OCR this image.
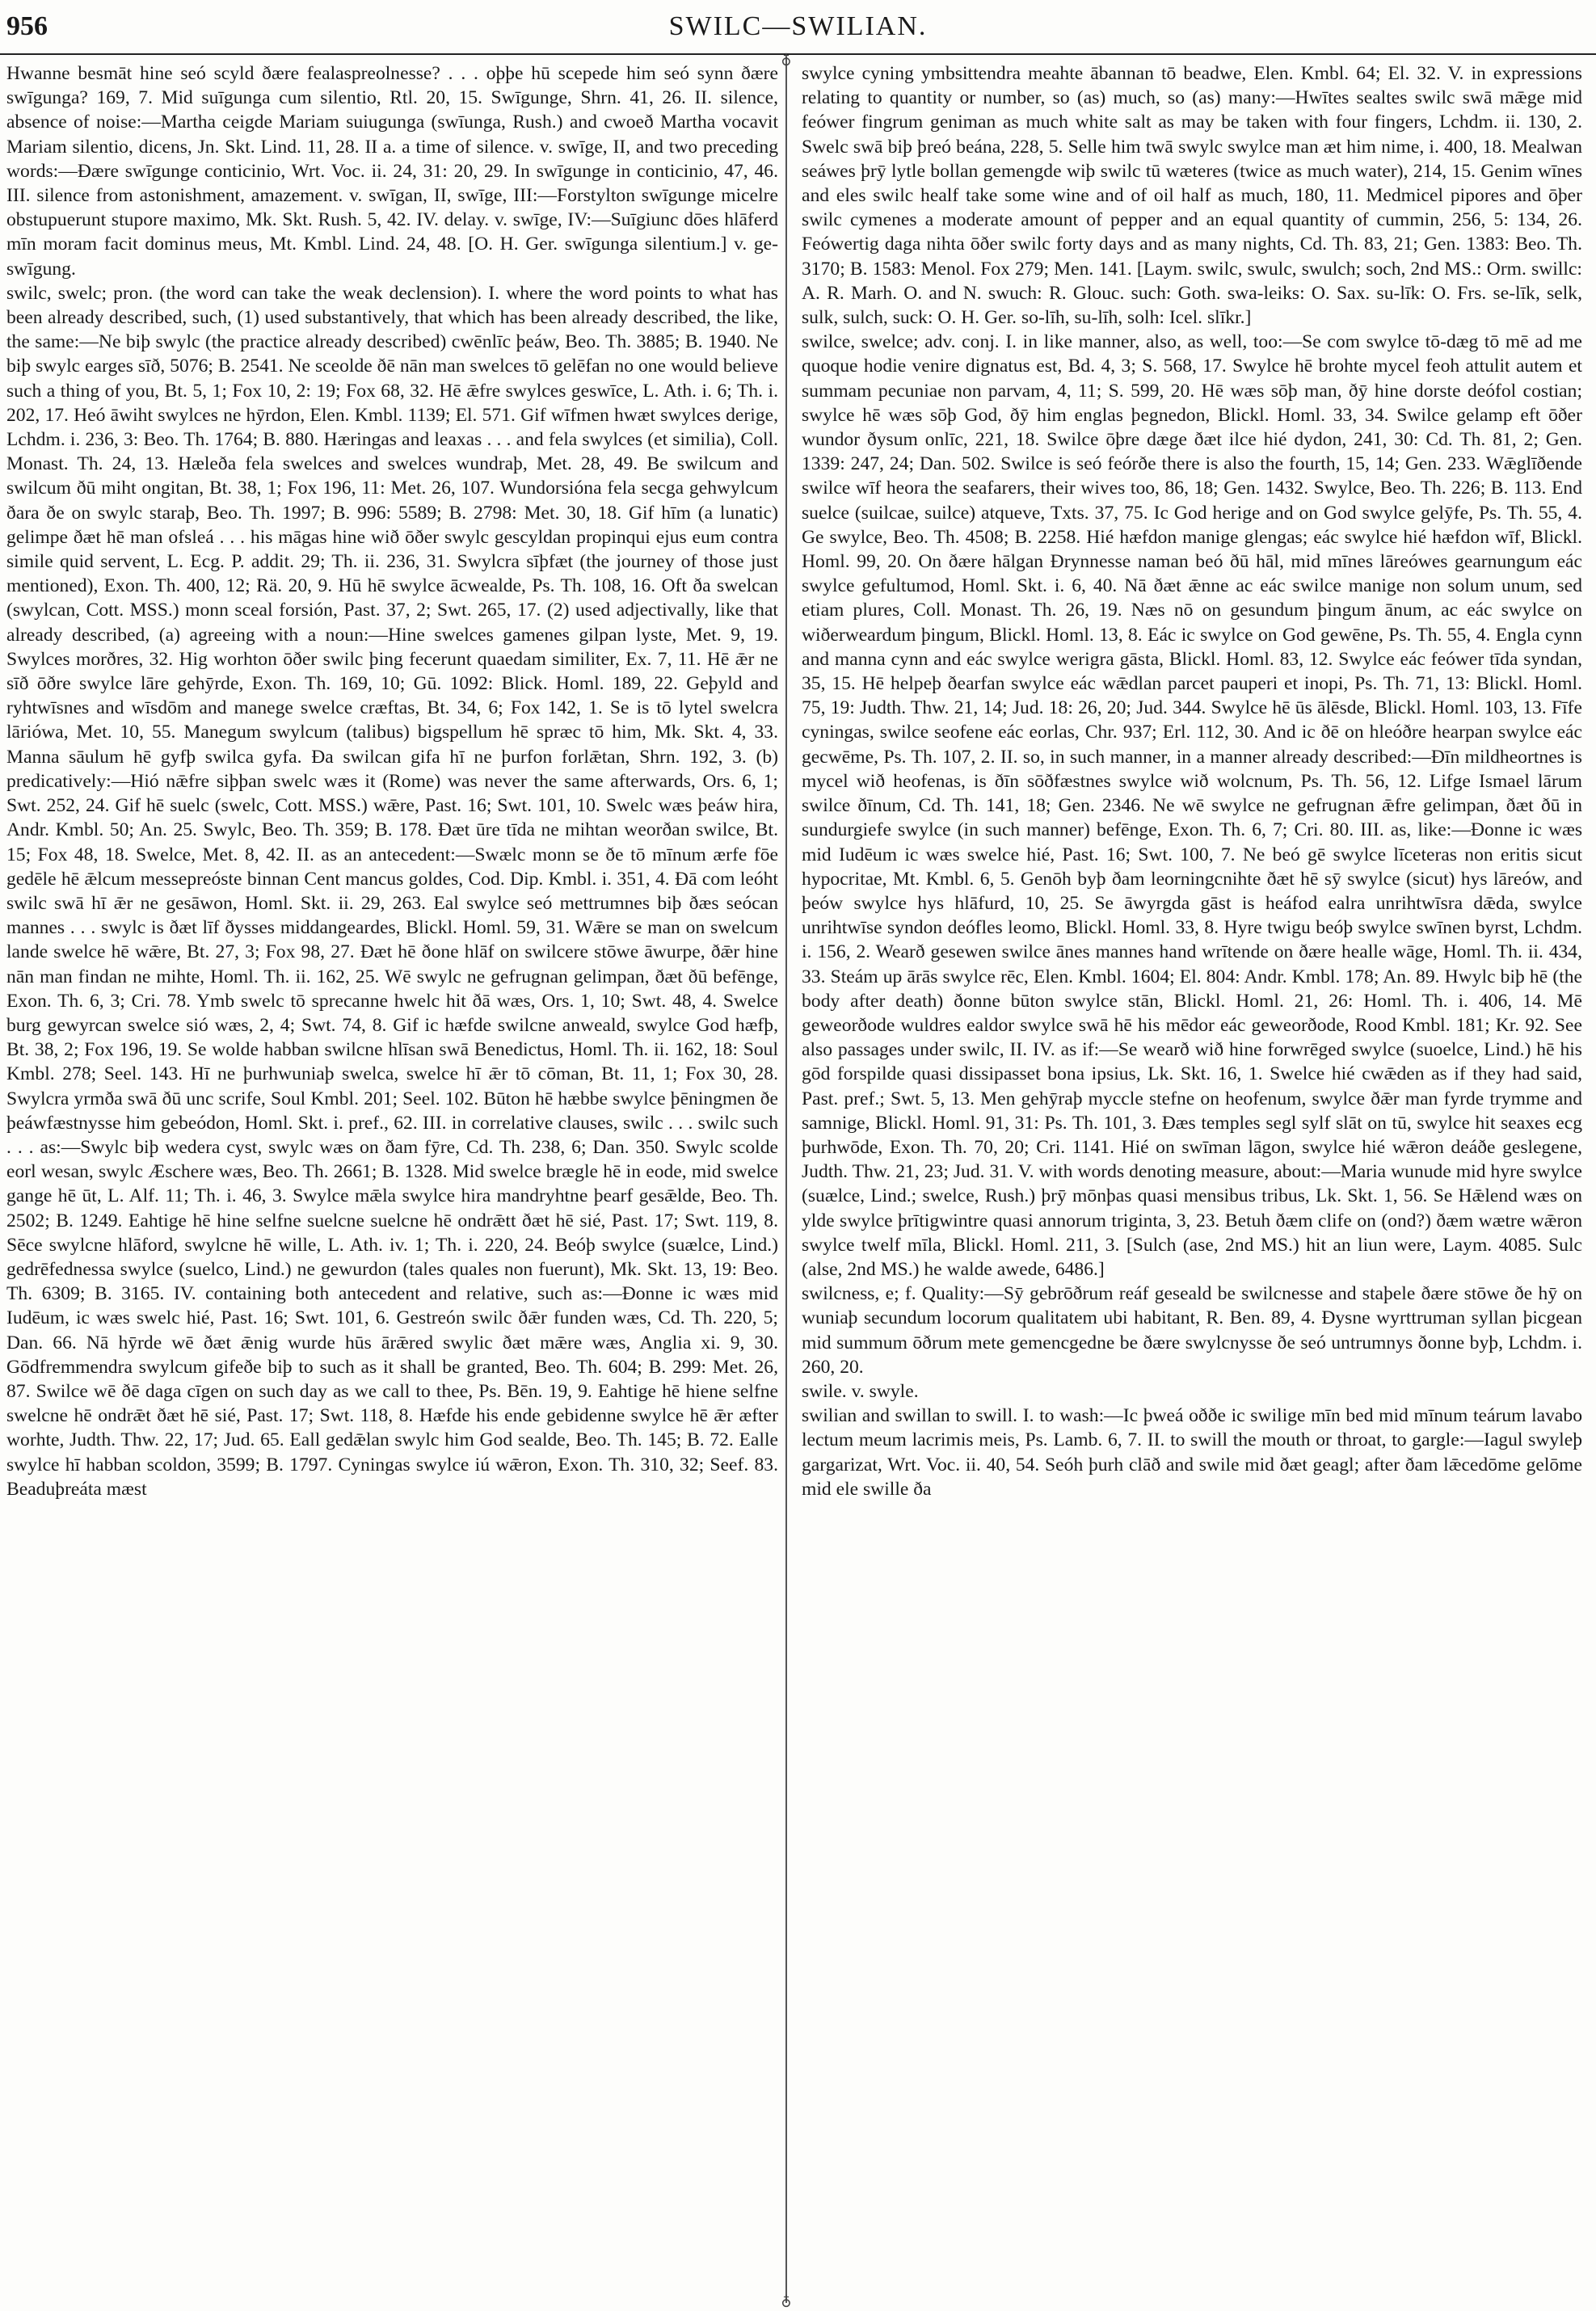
956	SWILC—SWILIAN.

Hwanne besmāt hine seó scyld ðære fealaspreolnesse? . . . oþþe hū scepede him seó synn ðære swīgunga? 169, 7. Mid suīgunga cum silentio, Rtl. 20, 15. Swīgunge, Shrn. 41, 26. II. silence, absence of noise:—Martha ceigde Mariam suiugunga (swīunga, Rush.) and cwoeð Martha vocavit Mariam silentio, dicens, Jn. Skt. Lind. 11, 28. II a. a time of silence. v. swīge, II, and two preceding words:—Ðære swīgunge conticinio, Wrt. Voc. ii. 24, 31: 20, 29. In swīgunge in conticinio, 47, 46. III. silence from astonishment, amazement. v. swīgan, II, swīge, III:—Forstylton swīgunge micelre obstupuerunt stupore maximo, Mk. Skt. Rush. 5, 42. IV. delay. v. swīge, IV:—Suīgiunc dōes hlāferd mīn moram facit dominus meus, Mt. Kmbl. Lind. 24, 48. [O. H. Ger. swīgunga silentium.] v. ge-swīgung.

swilc, swelc; pron. (the word can take the weak declension). I. where the word points to what has been already described, such, (1) used substantively, that which has been already described, the like, the same:—Ne biþ swylc (the practice already described) cwēnlīc þeáw, Beo. Th. 3885; B. 1940. Ne biþ swylc earges sīð, 5076; B. 2541. Ne sceolde ðē nān man swelces tō gelēfan no one would believe such a thing of you, Bt. 5, 1; Fox 10, 2: 19; Fox 68, 32. Hē ǣfre swylces geswīce, L. Ath. i. 6; Th. i. 202, 17. Heó āwiht swylces ne hȳrdon, Elen. Kmbl. 1139; El. 571. Gif wīfmen hwæt swylces derige, Lchdm. i. 236, 3: Beo. Th. 1764; B. 880. Hæringas and leaxas . . . and fela swylces (et similia), Coll. Monast. Th. 24, 13. Hæleða fela swelces and swelces wundraþ, Met. 28, 49. Be swilcum and swilcum ðū miht ongitan, Bt. 38, 1; Fox 196, 11: Met. 26, 107. Wundorsióna fela secga gehwylcum ðara ðe on swylc staraþ, Beo. Th. 1997; B. 996: 5589; B. 2798: Met. 30, 18. Gif hīm (a lunatic) gelimpe ðæt hē man ofsleá . . . his māgas hine wið ōðer swylc gescyldan propinqui ejus eum contra simile quid servent, L. Ecg. P. addit. 29; Th. ii. 236, 31. Swylcra sīþfæt (the journey of those just mentioned), Exon. Th. 400, 12; Rä. 20, 9. Hū hē swylce ācwealde, Ps. Th. 108, 16. Oft ða swelcan (swylcan, Cott. MSS.) monn sceal forsión, Past. 37, 2; Swt. 265, 17. (2) used adjectivally, like that already described, (a) agreeing with a noun:—Hine swelces gamenes gilpan lyste, Met. 9, 19. Swylces morðres, 32. Hig worhton ōðer swilc þing fecerunt quaedam similiter, Ex. 7, 11. Hē ǣr ne sīð ōðre swylce lāre gehȳrde, Exon. Th. 169, 10; Gū. 1092: Blick. Homl. 189, 22. Geþyld and ryhtwīsnes and wīsdōm and manege swelce cræftas, Bt. 34, 6; Fox 142, 1. Se is tō lytel swelcra lāriówa, Met. 10, 55. Manegum swylcum (talibus) bigspellum hē spræc tō him, Mk. Skt. 4, 33. Manna sāulum hē gyfþ swilca gyfa. Ða swilcan gifa hī ne þurfon forlǣtan, Shrn. 192, 3. (b) predicatively:—Hió nǣfre siþþan swelc wæs it (Rome) was never the same afterwards, Ors. 6, 1; Swt. 252, 24. Gif hē suelc (swelc, Cott. MSS.) wǣre, Past. 16; Swt. 101, 10. Swelc wæs þeáw hira, Andr. Kmbl. 50; An. 25. Swylc, Beo. Th. 359; B. 178. Ðæt ūre tīda ne mihtan weorðan swilce, Bt. 15; Fox 48, 18. Swelce, Met. 8, 42. II. as an antecedent:—Swælc monn se ðe tō mīnum ærfe fōe gedēle hē ǣlcum messepreóste binnan Cent mancus goldes, Cod. Dip. Kmbl. i. 351, 4. Ðā com leóht swilc swā hī ǣr ne gesāwon, Homl. Skt. ii. 29, 263. Eal swylce seó mettrumnes biþ ðæs seócan mannes . . . swylc is ðæt līf ðysses middangeardes, Blickl. Homl. 59, 31. Wǣre se man on swelcum lande swelce hē wǣre, Bt. 27, 3; Fox 98, 27. Ðæt hē ðone hlāf on swilcere stōwe āwurpe, ðǣr hine nān man findan ne mihte, Homl. Th. ii. 162, 25. Wē swylc ne gefrugnan gelimpan, ðæt ðū befēnge, Exon. Th. 6, 3; Cri. 78. Ymb swelc tō sprecanne hwelc hit ðā wæs, Ors. 1, 10; Swt. 48, 4. Swelce burg gewyrcan swelce sió wæs, 2, 4; Swt. 74, 8. Gif ic hæfde swilcne anweald, swylce God hæfþ, Bt. 38, 2; Fox 196, 19. Se wolde habban swilcne hlīsan swā Benedictus, Homl. Th. ii. 162, 18: Soul Kmbl. 278; Seel. 143. Hī ne þurhwuniaþ swelca, swelce hī ǣr tō cōman, Bt. 11, 1; Fox 30, 28. Swylcra yrmða swā ðū unc scrife, Soul Kmbl. 201; Seel. 102. Būton hē hæbbe swylce þēningmen ðe þeáwfæstnysse him gebeódon, Homl. Skt. i. pref., 62. III. in correlative clauses, swilc . . . swilc such . . . as:—Swylc biþ wedera cyst, swylc wæs on ðam fȳre, Cd. Th. 238, 6; Dan. 350. Swylc scolde eorl wesan, swylc Æschere wæs, Beo. Th. 2661; B. 1328. Mid swelce brægle hē in eode, mid swelce gange hē ūt, L. Alf. 11; Th. i. 46, 3. Swylce mǣla swylce hira mandryhtne þearf gesǣlde, Beo. Th. 2502; B. 1249. Eahtige hē hine selfne suelcne suelcne hē ondrǣtt ðæt hē sié, Past. 17; Swt. 119, 8. Sēce swylcne hlāford, swylcne hē wille, L. Ath. iv. 1; Th. i. 220, 24. Beóþ swylce (suælce, Lind.) gedrēfednessa swylce (suelco, Lind.) ne gewurdon (tales quales non fuerunt), Mk. Skt. 13, 19: Beo. Th. 6309; B. 3165. IV. containing both antecedent and relative, such as:—Ðonne ic wæs mid Iudēum, ic wæs swelc hié, Past. 16; Swt. 101, 6. Gestreón swilc ðǣr funden wæs, Cd. Th. 220, 5; Dan. 66. Nā hȳrde wē ðæt ǣnig wurde hūs ārǣred swylic ðæt mǣre wæs, Anglia xi. 9, 30. Gōdfremmendra swylcum gifeðe biþ to such as it shall be granted, Beo. Th. 604; B. 299: Met. 26, 87. Swilce wē ðē daga cīgen on such day as we call to thee, Ps. Bēn. 19, 9. Eahtige hē hiene selfne swelcne hē ondrǣt ðæt hē sié, Past. 17; Swt. 118, 8. Hæfde his ende gebidenne swylce hē ǣr æfter worhte, Judth. Thw. 22, 17; Jud. 65. Eall gedǣlan swylc him God sealde, Beo. Th. 145; B. 72. Ealle swylce hī habban scoldon, 3599; B. 1797. Cyningas swylce iú wǣron, Exon. Th. 310, 32; Seef. 83. Beaduþreáta mæst

♁
♁

swylce cyning ymbsittendra meahte ābannan tō beadwe, Elen. Kmbl. 64; El. 32. V. in expressions relating to quantity or number, so (as) much, so (as) many:—Hwītes sealtes swilc swā mǣge mid feówer fingrum geniman as much white salt as may be taken with four fingers, Lchdm. ii. 130, 2. Swelc swā biþ þreó beána, 228, 5. Selle him twā swylc swylce man æt him nime, i. 400, 18. Mealwan seáwes þrȳ lytle bollan gemengde wiþ swilc tū wæteres (twice as much water), 214, 15. Genim wīnes and eles swilc healf take some wine and of oil half as much, 180, 11. Medmicel pipores and ōþer swilc cymenes a moderate amount of pepper and an equal quantity of cummin, 256, 5: 134, 26. Feówertig daga nihta ōðer swilc forty days and as many nights, Cd. Th. 83, 21; Gen. 1383: Beo. Th. 3170; B. 1583: Menol. Fox 279; Men. 141. [Laym. swilc, swulc, swulch; soch, 2nd MS.: Orm. swillc: A. R. Marh. O. and N. swuch: R. Glouc. such: Goth. swa-leiks: O. Sax. su-līk: O. Frs. se-līk, selk, sulk, sulch, suck: O. H. Ger. so-līh, su-līh, solh: Icel. slīkr.]

swilce, swelce; adv. conj. I. in like manner, also, as well, too:—Se com swylce tō-dæg tō mē ad me quoque hodie venire dignatus est, Bd. 4, 3; S. 568, 17. Swylce hē brohte mycel feoh attulit autem et summam pecuniae non parvam, 4, 11; S. 599, 20. Hē wæs sōþ man, ðȳ hine dorste deófol costian; swylce hē wæs sōþ God, ðȳ him englas þegnedon, Blickl. Homl. 33, 34. Swilce gelamp eft ōðer wundor ðysum onlīc, 221, 18. Swilce ōþre dæge ðæt ilce hié dydon, 241, 30: Cd. Th. 81, 2; Gen. 1339: 247, 24; Dan. 502. Swilce is seó feórðe there is also the fourth, 15, 14; Gen. 233. Wǣglīðende swilce wīf heora the seafarers, their wives too, 86, 18; Gen. 1432. Swylce, Beo. Th. 226; B. 113. End suelce (suilcae, suilce) atqueve, Txts. 37, 75. Ic God herige and on God swylce gelȳfe, Ps. Th. 55, 4. Ge swylce, Beo. Th. 4508; B. 2258. Hié hæfdon manige glengas; eác swylce hié hæfdon wīf, Blickl. Homl. 99, 20. On ðære hālgan Ðrynnesse naman beó ðū hāl, mid mīnes lāreówes gearnungum eác swylce gefultumod, Homl. Skt. i. 6, 40. Nā ðæt ǣnne ac eác swilce manige non solum unum, sed etiam plures, Coll. Monast. Th. 26, 19. Næs nō on gesundum þingum ānum, ac eác swylce on wiðerweardum þingum, Blickl. Homl. 13, 8. Eác ic swylce on God gewēne, Ps. Th. 55, 4. Engla cynn and manna cynn and eác swylce werigra gāsta, Blickl. Homl. 83, 12. Swylce eác feówer tīda syndan, 35, 15. Hē helpeþ ðearfan swylce eác wǣdlan parcet pauperi et inopi, Ps. Th. 71, 13: Blickl. Homl. 75, 19: Judth. Thw. 21, 14; Jud. 18: 26, 20; Jud. 344. Swylce hē ūs ālēsde, Blickl. Homl. 103, 13. Fīfe cyningas, swilce seofene eác eorlas, Chr. 937; Erl. 112, 30. And ic ðē on hleóðre hearpan swylce eác gecwēme, Ps. Th. 107, 2. II. so, in such manner, in a manner already described:—Ðīn mildheortnes is mycel wið heofenas, is ðīn sōðfæstnes swylce wið wolcnum, Ps. Th. 56, 12. Lifge Ismael lārum swilce ðīnum, Cd. Th. 141, 18; Gen. 2346. Ne wē swylce ne gefrugnan ǣfre gelimpan, ðæt ðū in sundurgiefe swylce (in such manner) befēnge, Exon. Th. 6, 7; Cri. 80. III. as, like:—Ðonne ic wæs mid Iudēum ic wæs swelce hié, Past. 16; Swt. 100, 7. Ne beó gē swylce līceteras non eritis sicut hypocritae, Mt. Kmbl. 6, 5. Genōh byþ ðam leorningcnihte ðæt hē sȳ swylce (sicut) hys lāreów, and þeów swylce hys hlāfurd, 10, 25. Se āwyrgda gāst is heáfod ealra unrihtwīsra dǣda, swylce unrihtwīse syndon deófles leomo, Blickl. Homl. 33, 8. Hyre twigu beóþ swylce swīnen byrst, Lchdm. i. 156, 2. Wearð gesewen swilce ānes mannes hand wrītende on ðære healle wāge, Homl. Th. ii. 434, 33. Steám up ārās swylce rēc, Elen. Kmbl. 1604; El. 804: Andr. Kmbl. 178; An. 89. Hwylc biþ hē (the body after death) ðonne būton swylce stān, Blickl. Homl. 21, 26: Homl. Th. i. 406, 14. Mē geweorðode wuldres ealdor swylce swā hē his mēdor eác geweorðode, Rood Kmbl. 181; Kr. 92. See also passages under swilc, II. IV. as if:—Se wearð wið hine forwrēged swylce (suoelce, Lind.) hē his gōd forspilde quasi dissipasset bona ipsius, Lk. Skt. 16, 1. Swelce hié cwǣden as if they had said, Past. pref.; Swt. 5, 13. Men gehȳraþ myccle stefne on heofenum, swylce ðǣr man fyrde trymme and samnige, Blickl. Homl. 91, 31: Ps. Th. 101, 3. Ðæs temples segl sylf slāt on tū, swylce hit seaxes ecg þurhwōde, Exon. Th. 70, 20; Cri. 1141. Hié on swīman lāgon, swylce hié wǣron deáðe geslegene, Judth. Thw. 21, 23; Jud. 31. V. with words denoting measure, about:—Maria wunude mid hyre swylce (suælce, Lind.; swelce, Rush.) þrȳ mōnþas quasi mensibus tribus, Lk. Skt. 1, 56. Se Hǣlend wæs on ylde swylce þrītigwintre quasi annorum triginta, 3, 23. Betuh ðæm clife on (ond?) ðæm wætre wǣron swylce twelf mīla, Blickl. Homl. 211, 3. [Sulch (ase, 2nd MS.) hit an liun were, Laym. 4085. Sulc (alse, 2nd MS.) he walde awede, 6486.]

swilcness, e; f. Quality:—Sȳ gebrōðrum reáf geseald be swilcnesse and staþele ðære stōwe ðe hȳ on wuniaþ secundum locorum qualitatem ubi habitant, R. Ben. 89, 4. Ðysne wyrttruman syllan þicgean mid summum ōðrum mete gemencgedne be ðære swylcnysse ðe seó untrumnys ðonne byþ, Lchdm. i. 260, 20.

swile. v. swyle.

swilian and swillan to swill. I. to wash:—Ic þweá oððe ic swilige mīn bed mid mīnum teárum lavabo lectum meum lacrimis meis, Ps. Lamb. 6, 7. II. to swill the mouth or throat, to gargle:—Iagul swyleþ gargarizat, Wrt. Voc. ii. 40, 54. Seóh þurh clāð and swile mid ðæt geagl; after ðam lǣcedōme gelōme mid ele swille ða
